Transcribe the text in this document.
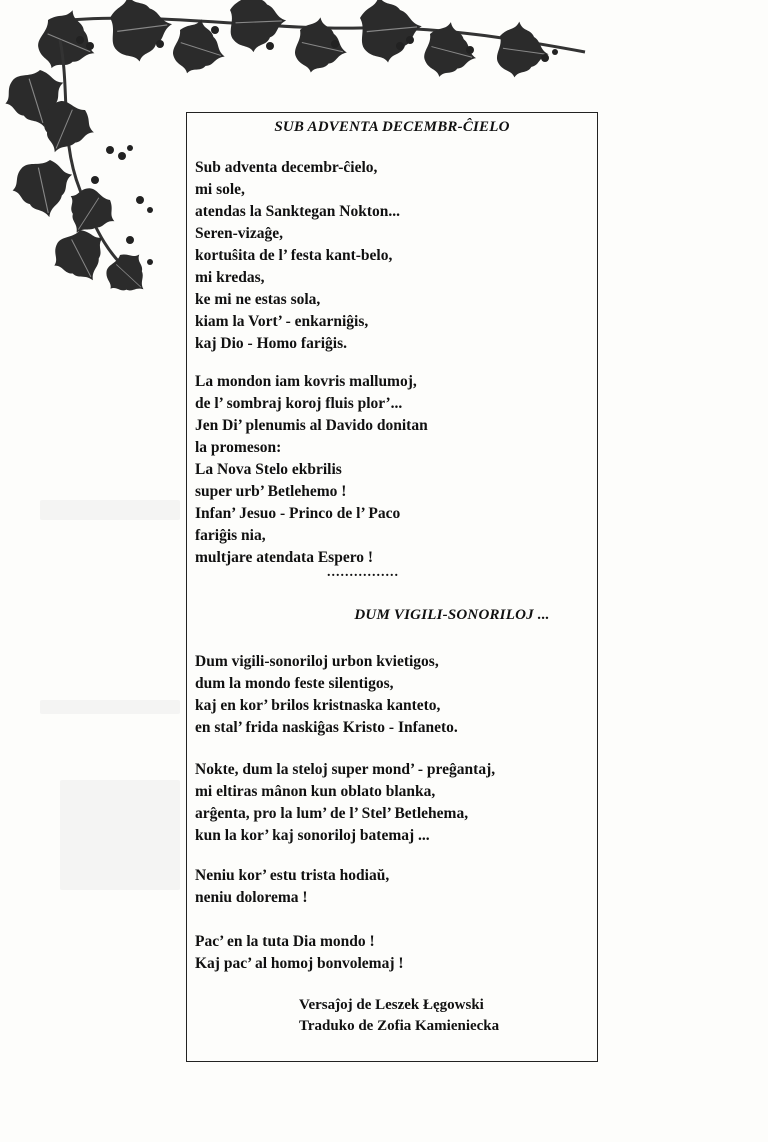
SUB ADVENTA DECEMBR-ĈIELO
Sub adventa decembr-ĉielo,
mi sole,
atendas la Sanktegan Nokton...
Seren-vizaĝe,
kortuŝita de l’ festa kant-belo,
mi kredas,
ke mi ne estas sola,
kiam la Vort’ - enkarniĝis,
kaj Dio - Homo fariĝis.
La mondon iam kovris mallumoj,
de l’ sombraj koroj fluis plor’...
Jen Di’ plenumis al Davido donitan
la promeson:
La Nova Stelo ekbrilis
super urb’ Betlehemo !
Infan’ Jesuo - Princo de l’ Paco
fariĝis nia,
multjare atendata Espero !
................
DUM VIGILI-SONORILOJ ...
Dum vigili-sonoriloj urbon kvietigos,
dum la mondo feste silentigos,
kaj en kor’ brilos kristnaska kanteto,
en stal’ frida naskiĝas Kristo - Infaneto.
Nokte, dum la steloj super mond’ - preĝantaj,
mi eltiras mânon kun oblato blanka,
arĝenta, pro la lum’ de l’ Stel’ Betlehema,
kun la kor’ kaj sonoriloj batemaj ...
Neniu kor’ estu trista hodiaŭ,
neniu dolorema !
Pac’ en la tuta Dia mondo !
Kaj pac’ al homoj bonvolemaj !
Versaĵoj de Leszek Łęgowski
Traduko de Zofia Kamieniecka
